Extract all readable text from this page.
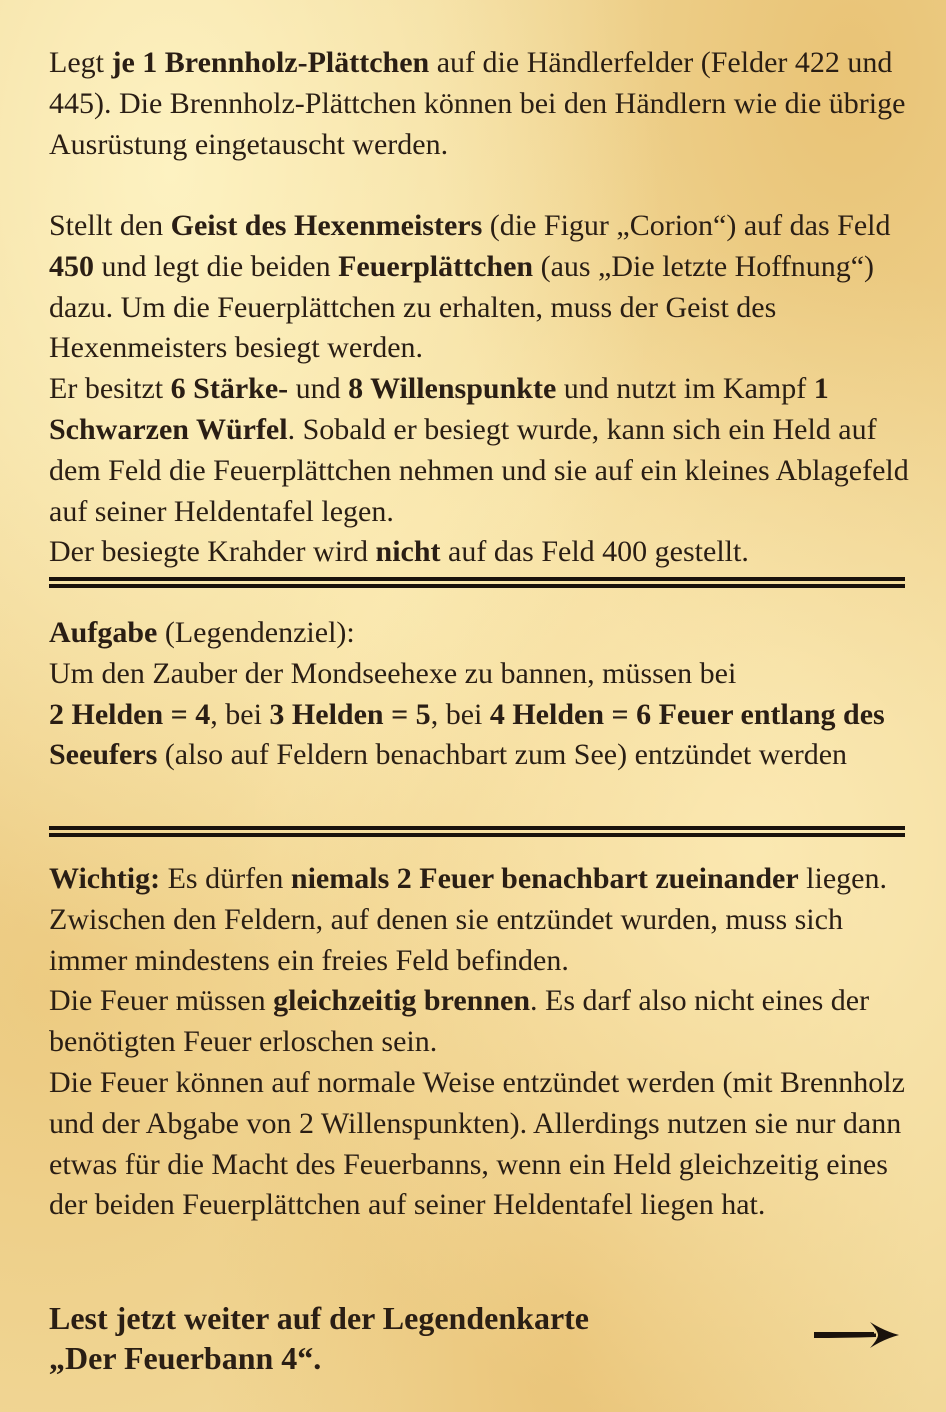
Legt je 1 Brennholz-Plättchen auf die Händlerfelder (Felder 422 und 445). Die Brennholz-Plättchen können bei den Händlern wie die übrige Ausrüstung eingetauscht werden.

Stellt den Geist des Hexenmeisters (die Figur „Corion“) auf das Feld 450 und legt die beiden Feuerplättchen (aus „Die letzte Hoffnung“) dazu. Um die Feuerplättchen zu erhalten, muss der Geist des Hexenmeisters besiegt werden.
Er besitzt 6 Stärke- und 8 Willenspunkte und nutzt im Kampf 1 Schwarzen Würfel. Sobald er besiegt wurde, kann sich ein Held auf dem Feld die Feuerplättchen nehmen und sie auf ein kleines Ablagefeld auf seiner Heldentafel legen.
Der besiegte Krahder wird nicht auf das Feld 400 gestellt.

Aufgabe (Legendenziel):
Um den Zauber der Mondseehexe zu bannen, müssen bei
2 Helden = 4, bei 3 Helden = 5, bei 4 Helden = 6 Feuer entlang des Seeufers (also auf Feldern benachbart zum See) entzündet werden

Wichtig: Es dürfen niemals 2 Feuer benachbart zueinander liegen. Zwischen den Feldern, auf denen sie entzündet wurden, muss sich immer mindestens ein freies Feld befinden.
Die Feuer müssen gleichzeitig brennen. Es darf also nicht eines der benötigten Feuer erloschen sein.
Die Feuer können auf normale Weise entzündet werden (mit Brennholz und der Abgabe von 2 Willenspunkten). Allerdings nutzen sie nur dann etwas für die Macht des Feuerbanns, wenn ein Held gleichzeitig eines der beiden Feuerplättchen auf seiner Heldentafel liegen hat.

Lest jetzt weiter auf der Legendenkarte
„Der Feuerbann 4“.
